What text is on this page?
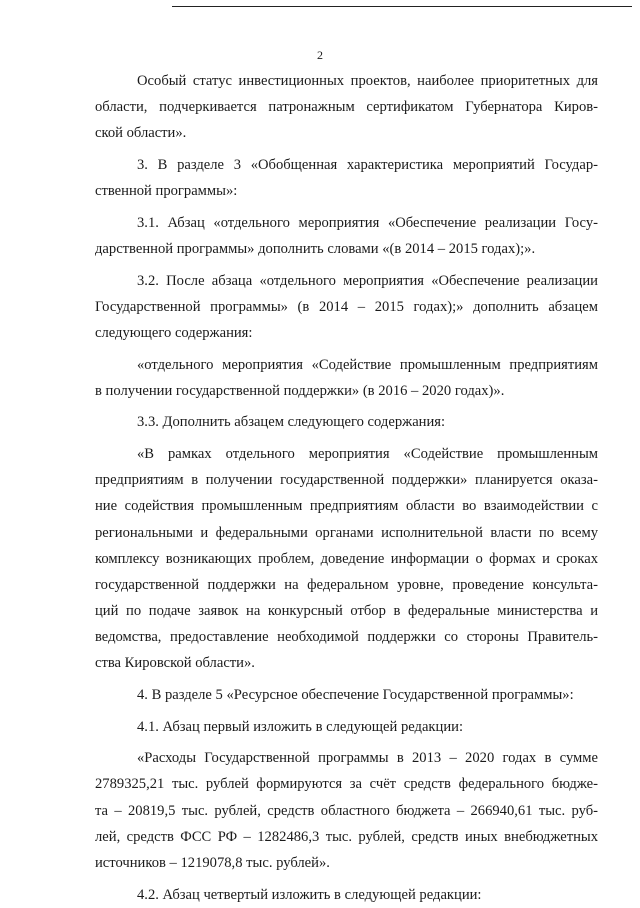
2

Особый статус инвестиционных проектов, наиболее приоритетных для
области, подчеркивается патронажным сертификатом Губернатора Киров-
ской области».

3. В разделе 3 «Обобщенная характеристика мероприятий Государ-
ственной программы»:

3.1. Абзац «отдельного мероприятия «Обеспечение реализации Госу-
дарственной программы» дополнить словами «(в 2014 – 2015 годах);».

3.2. После абзаца «отдельного мероприятия «Обеспечение реализации
Государственной программы» (в 2014 – 2015 годах);» дополнить абзацем
следующего содержания:

«отдельного мероприятия «Содействие промышленным предприятиям
в получении государственной поддержки» (в 2016 – 2020 годах)».

3.3. Дополнить абзацем следующего содержания:

«В рамках отдельного мероприятия «Содействие промышленным
предприятиям в получении государственной поддержки» планируется оказа-
ние содействия промышленным предприятиям области во взаимодействии с
региональными и федеральными органами исполнительной власти по всему
комплексу возникающих проблем, доведение информации о формах и сроках
государственной поддержки на федеральном уровне, проведение консульта-
ций по подаче заявок на конкурсный отбор в федеральные министерства и
ведомства, предоставление необходимой поддержки со стороны Правитель-
ства Кировской области».

4. В разделе 5 «Ресурсное обеспечение Государственной программы»:

4.1. Абзац первый изложить в следующей редакции:

«Расходы Государственной программы в 2013 – 2020 годах в сумме
2789325,21 тыс. рублей формируются за счёт средств федерального бюдже-
та – 20819,5 тыс. рублей, средств областного бюджета – 266940,61 тыс. руб-
лей, средств ФСС РФ – 1282486,3 тыс. рублей, средств иных внебюджетных
источников – 1219078,8 тыс. рублей».

4.2. Абзац четвертый изложить в следующей редакции:
